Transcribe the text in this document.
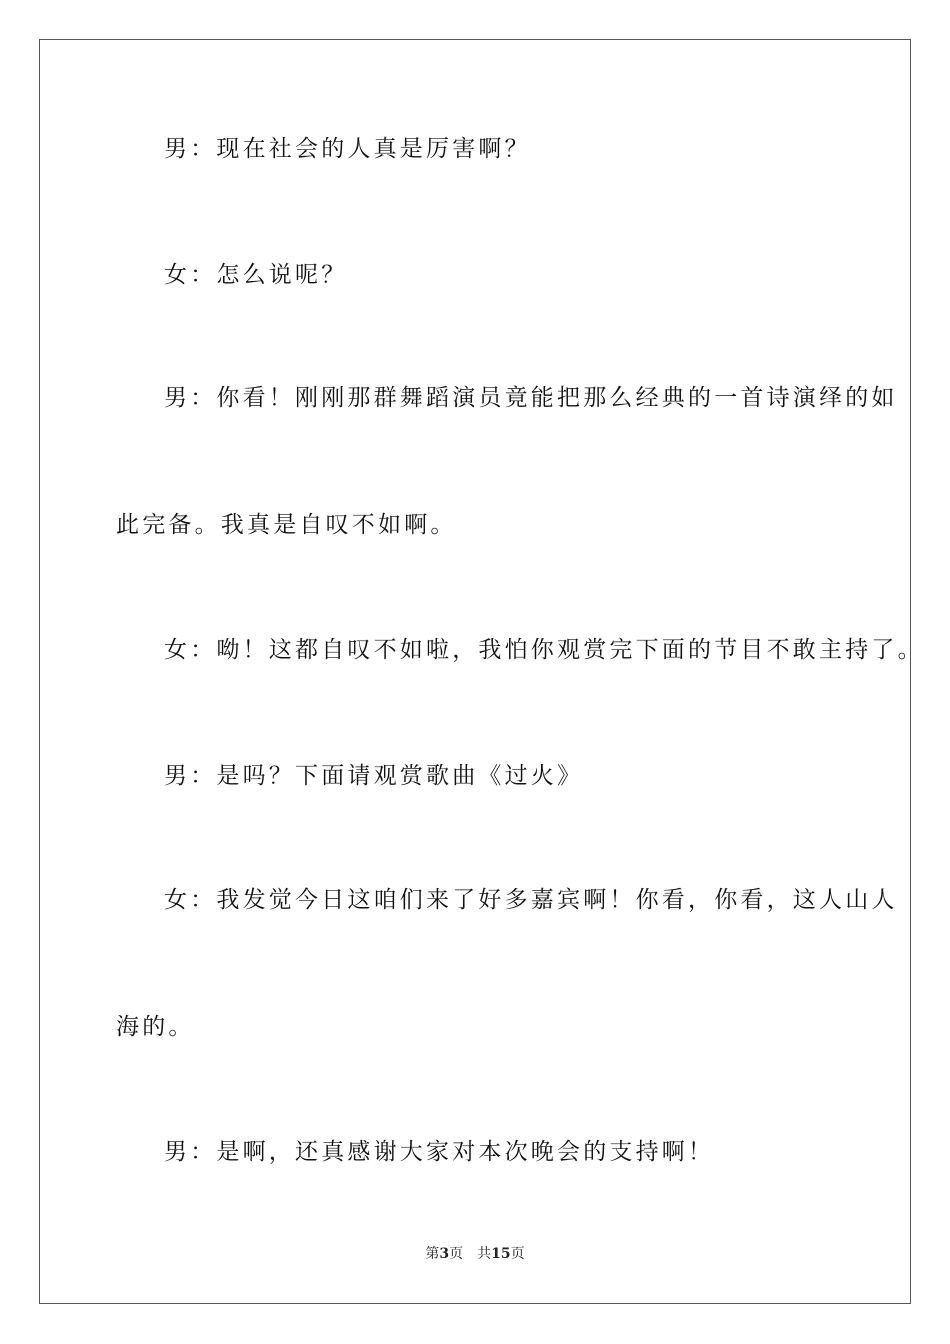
男：现在社会的人真是厉害啊？
女：怎么说呢？
男：你看！刚刚那群舞蹈演员竟能把那么经典的一首诗演绎的如
此完备。我真是自叹不如啊。
女：呦！这都自叹不如啦，我怕你观赏完下面的节目不敢主持了。
男：是吗？下面请观赏歌曲《过火》
女：我发觉今日这咱们来了好多嘉宾啊！你看，你看，这人山人
海的。
男：是啊，还真感谢大家对本次晚会的支持啊！
第3页 共15页
